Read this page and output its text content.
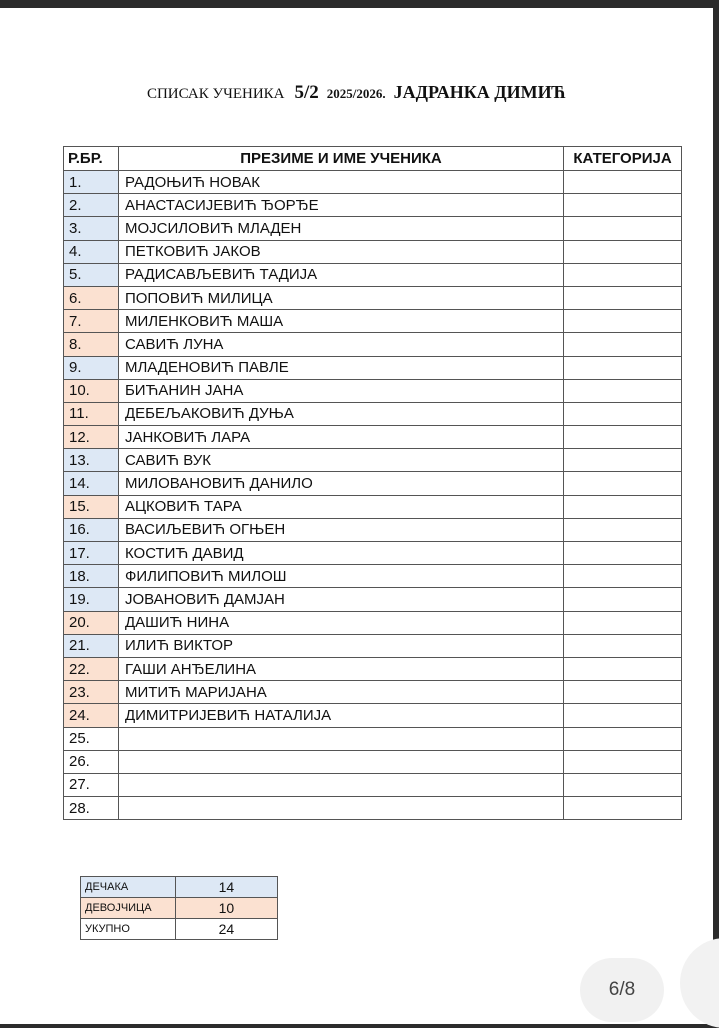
СПИСАК УЧЕНИКА 5/2 2025/2026. ЈАДРАНКА ДИМИЋ
Р.БР.	ПРЕЗИМЕ И ИМЕ УЧЕНИКА	КАТЕГОРИЈА
1.	РАДОЊИЋ НОВАК	
2.	АНАСТАСИЈЕВИЋ ЂОРЂЕ	
3.	МОЈСИЛОВИЋ МЛАДЕН	
4.	ПЕТКОВИЋ ЈАКОВ	
5.	РАДИСАВЉЕВИЋ ТАДИЈА	
6.	ПОПОВИЋ МИЛИЦА	
7.	МИЛЕНКОВИЋ МАША	
8.	САВИЋ ЛУНА	
9.	МЛАДЕНОВИЋ ПАВЛЕ	
10.	БИЋАНИН ЈАНА	
11.	ДЕБЕЉАКОВИЋ ДУЊА	
12.	ЈАНКОВИЋ ЛАРА	
13.	САВИЋ ВУК	
14.	МИЛОВАНОВИЋ ДАНИЛО	
15.	АЦКОВИЋ ТАРА	
16.	ВАСИЉЕВИЋ ОГЊЕН	
17.	КОСТИЋ ДАВИД	
18.	ФИЛИПОВИЋ МИЛОШ	
19.	ЈОВАНОВИЋ ДАМЈАН	
20.	ДАШИЋ НИНА	
21.	ИЛИЋ ВИКТОР	
22.	ГАШИ АНЂЕЛИНА	
23.	МИТИЋ МАРИЈАНА	
24.	ДИМИТРИЈЕВИЋ НАТАЛИЈА	
25.		
26.		
27.		
28.		
ДЕЧАКА	14
ДЕВОЈЧИЦА	10
УКУПНО	24
6/8
